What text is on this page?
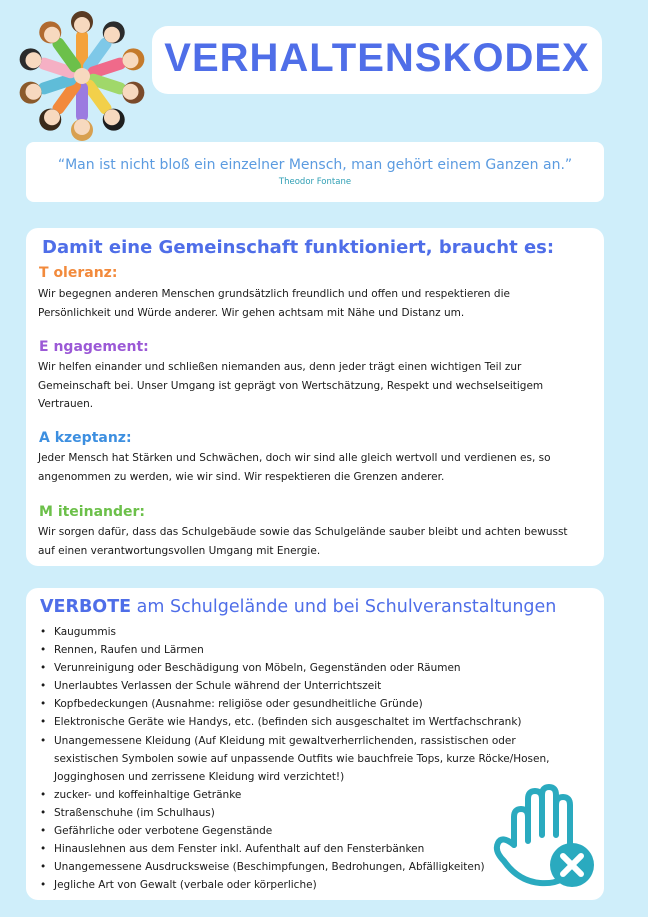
VERHALTENSKODEX
“Man ist nicht bloß ein einzelner Mensch, man gehört einem Ganzen an.”
Theodor Fontane
Damit eine Gemeinschaft funktioniert, braucht es:
T oleranz:

Wir begegnen anderen Menschen grundsätzlich freundlich und offen und respektieren die

Persönlichkeit und Würde anderer. Wir gehen achtsam mit Nähe und Distanz um.

E ngagement:

Wir helfen einander und schließen niemanden aus, denn jeder trägt einen wichtigen Teil zur

Gemeinschaft bei. Unser Umgang ist geprägt von Wertschätzung, Respekt und wechselseitigem

Vertrauen.

A kzeptanz:

Jeder Mensch hat Stärken und Schwächen, doch wir sind alle gleich wertvoll und verdienen es, so

angenommen zu werden, wie wir sind. Wir respektieren die Grenzen anderer.

M iteinander:

Wir sorgen dafür, dass das Schulgebäude sowie das Schulgelände sauber bleibt und achten bewusst

auf einen verantwortungsvollen Umgang mit Energie.

VERBOTE am Schulgelände und bei Schulveranstaltungen

• Kaugummis

• Rennen, Raufen und Lärmen

• Verunreinigung oder Beschädigung von Möbeln, Gegenständen oder Räumen

• Unerlaubtes Verlassen der Schule während der Unterrichtszeit

• Kopfbedeckungen (Ausnahme: religiöse oder gesundheitliche Gründe)

• Elektronische Geräte wie Handys, etc. (befinden sich ausgeschaltet im Wertfachschrank)

• Unangemessene Kleidung (Auf Kleidung mit gewaltverherrlichenden, rassistischen oder

sexistischen Symbolen sowie auf unpassende Outfits wie bauchfreie Tops, kurze Röcke/Hosen,

Jogginghosen und zerrissene Kleidung wird verzichtet!)

• zucker- und koffeinhaltige Getränke

• Straßenschuhe (im Schulhaus)

• Gefährliche oder verbotene Gegenstände

• Hinauslehnen aus dem Fenster inkl. Aufenthalt auf den Fensterbänken

• Unangemessene Ausdrucksweise (Beschimpfungen, Bedrohungen, Abfälligkeiten)

• Jegliche Art von Gewalt (verbale oder körperliche)
